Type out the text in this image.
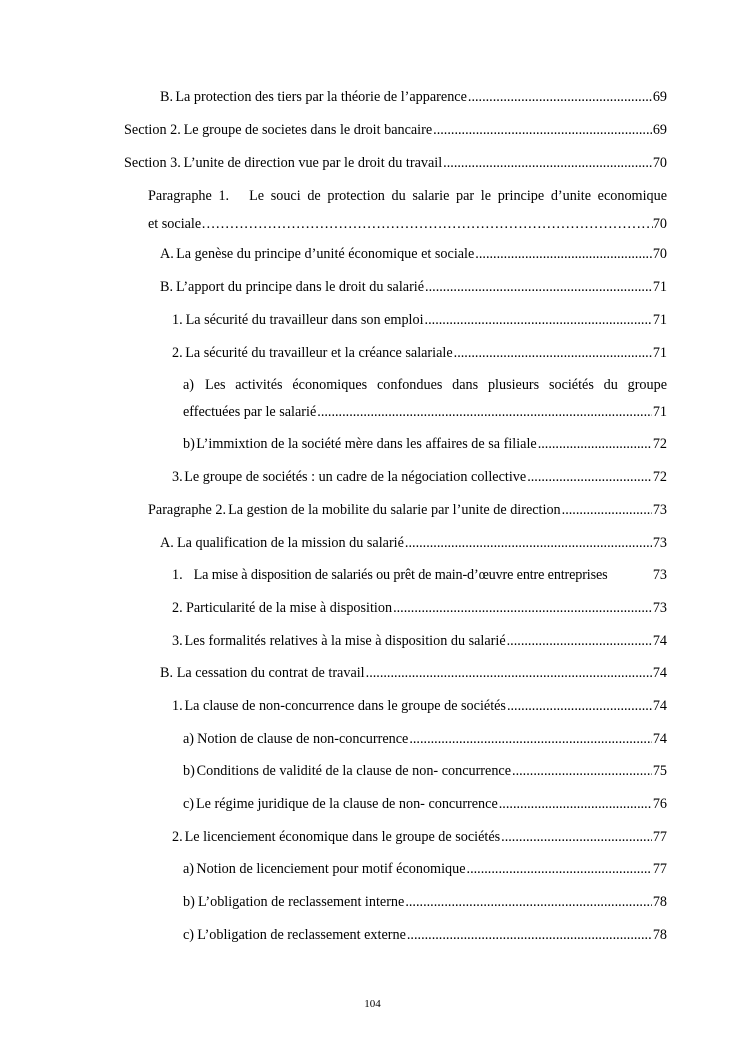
B. La protection des tiers par la théorie de l’apparence .....	69
Section 2. Le groupe de societes dans le droit bancaire .....	69
Section 3. L’unite de direction vue par le droit du travail .....	70
Paragraphe 1. Le souci de protection du salarie par le principe d’unite economique
et sociale ………………………………………………………………………………………………………………………………………………	70
A. La genèse du principe d’unité économique et sociale .....	70
B. L’apport du principe dans le droit du salarié .....	71
1. La sécurité du travailleur dans son emploi .....	71
2. La sécurité du travailleur et la créance salariale .....	71
a) Les activités économiques confondues dans plusieurs sociétés du groupe
effectuées par le salarié .....	71
b) L’immixtion de la société mère dans les affaires de sa filiale .....	72
3. Le groupe de sociétés : un cadre de la négociation collective .....	72
Paragraphe 2. La gestion de la mobilite du salarie par l’unite de direction .....	73
A. La qualification de la mission du salarié .....	73
1. La mise à disposition de salariés ou prêt de main-d’œuvre entre entreprises	73
2. Particularité de la mise à disposition .....	73
3. Les formalités relatives à la mise à disposition du salarié .....	74
B. La cessation du contrat de travail .....	74
1. La clause de non-concurrence dans le groupe de sociétés .....	74
a) Notion de clause de non-concurrence .....	74
b) Conditions de validité de la clause de non- concurrence .....	75
c) Le régime juridique de la clause de non- concurrence .....	76
2. Le licenciement économique dans le groupe de sociétés .....	77
a) Notion de licenciement pour motif économique .....	77
b) L’obligation de reclassement interne .....	78
c) L’obligation de reclassement externe .....	78
104
